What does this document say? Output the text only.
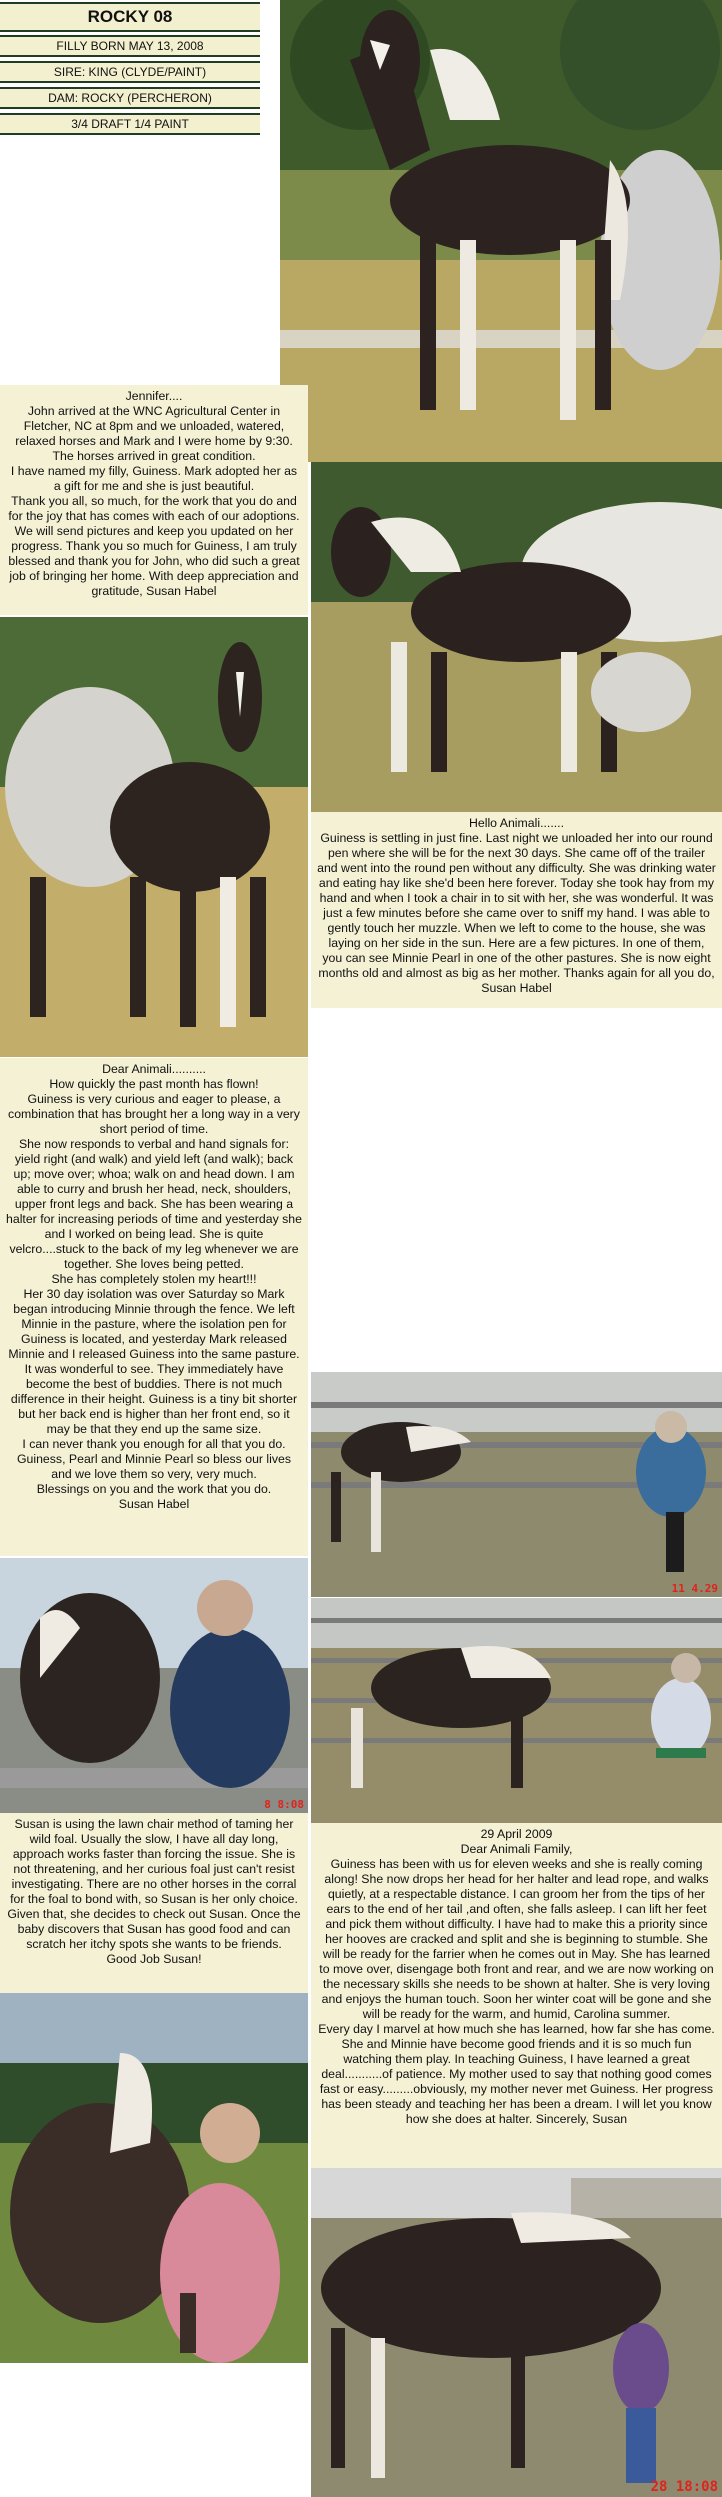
ROCKY 08
FILLY BORN MAY 13, 2008
SIRE: KING (CLYDE/PAINT)
DAM: ROCKY (PERCHERON)
3/4 DRAFT 1/4 PAINT

Jennifer....

John arrived at the WNC Agricultural Center in Fletcher, NC at 8pm and we unloaded, watered, relaxed horses and Mark and I were home by 9:30. The horses arrived in great condition.

I have named my filly, Guiness. Mark adopted her as a gift for me and she is just beautiful.

Thank you all, so much, for the work that you do and for the joy that has comes with each of our adoptions. We will send pictures and keep you updated on her progress. Thank you so much for Guiness, I am truly blessed and thank you for John, who did such a great job of bringing her home. With deep appreciation and gratitude, Susan Habel

Hello Animali.......

Guiness is settling in just fine. Last night we unloaded her into our round pen where she will be for the next 30 days. She came off of the trailer and went into the round pen without any difficulty. She was drinking water and eating hay like she'd been here forever. Today she took hay from my hand and when I took a chair in to sit with her, she was wonderful. It was just a few minutes before she came over to sniff my hand. I was able to gently touch her muzzle. When we left to come to the house, she was laying on her side in the sun. Here are a few pictures. In one of them, you can see Minnie Pearl in one of the other pastures. She is now eight months old and almost as big as her mother. Thanks again for all you do, Susan Habel

Dear Animali..........

How quickly the past month has flown!

Guiness is very curious and eager to please, a combination that has brought her a long way in a very short period of time.

She now responds to verbal and hand signals for: yield right (and walk) and yield left (and walk); back up; move over; whoa; walk on and head down. I am able to curry and brush her head, neck, shoulders, upper front legs and back. She has been wearing a halter for increasing periods of time and yesterday she and I worked on being lead. She is quite velcro....stuck to the back of my leg whenever we are together. She loves being petted.

She has completely stolen my heart!!!

Her 30 day isolation was over Saturday so Mark began introducing Minnie through the fence. We left Minnie in the pasture, where the isolation pen for Guiness is located, and yesterday Mark released Minnie and I released Guiness into the same pasture. It was wonderful to see. They immediately have become the best of buddies. There is not much difference in their height. Guiness is a tiny bit shorter but her back end is higher than her front end, so it may be that they end up the same size.

I can never thank you enough for all that you do.

Guiness, Pearl and Minnie Pearl so bless our lives and we love them so very, very much.

Blessings on you and the work that you do.

Susan Habel

11 4.29
8 8:08

Susan is using the lawn chair method of taming her wild foal. Usually the slow, I have all day long, approach works faster than forcing the issue. She is not threatening, and her curious foal just can't resist investigating. There are no other horses in the corral for the foal to bond with, so Susan is her only choice. Given that, she decides to check out Susan. Once the baby discovers that Susan has good food and can scratch her itchy spots she wants to be friends.

Good Job Susan!

29 April 2009

Dear Animali Family,

Guiness has been with us for eleven weeks and she is really coming along! She now drops her head for her halter and lead rope, and walks quietly, at a respectable distance. I can groom her from the tips of her ears to the end of her tail ,and often, she falls asleep. I can lift her feet and pick them without difficulty. I have had to make this a priority since her hooves are cracked and split and she is beginning to stumble. She will be ready for the farrier when he comes out in May. She has learned to move over, disengage both front and rear, and we are now working on the necessary skills she needs to be shown at halter. She is very loving and enjoys the human touch. Soon her winter coat will be gone and she will be ready for the warm, and humid, Carolina summer.

Every day I marvel at how much she has learned, how far she has come. She and Minnie have become good friends and it is so much fun watching them play. In teaching Guiness, I have learned a great deal...........of patience. My mother used to say that nothing good comes fast or easy.........obviously, my mother never met Guiness. Her progress has been steady and teaching her has been a dream. I will let you know how she does at halter. Sincerely, Susan

28 18:08
